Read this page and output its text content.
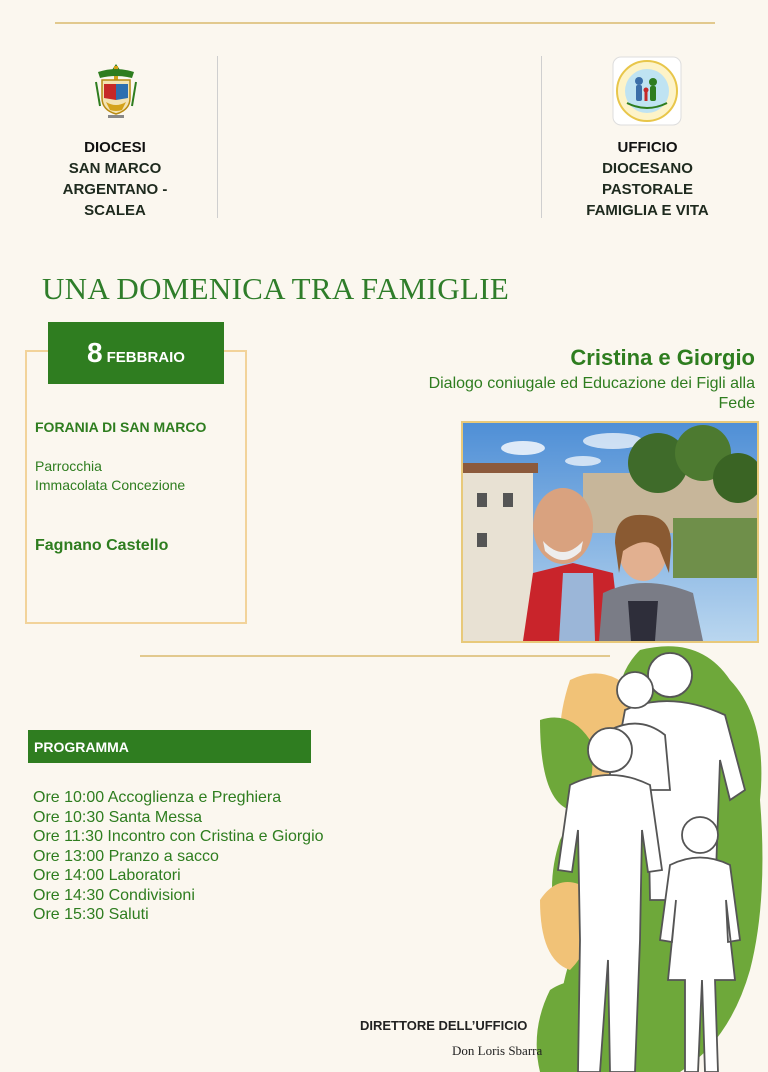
DIOCESI
SAN MARCO
ARGENTANO -
SCALEA
UFFICIO
DIOCESANO
PASTORALE
FAMIGLIA E VITA
UNA DOMENICA TRA FAMIGLIE
8 FEBBRAIO
FORANIA DI SAN MARCO
Parrocchia
Immacolata Concezione
Fagnano Castello
Cristina e Giorgio
Dialogo coniugale ed Educazione dei Figli alla
Fede
PROGRAMMA
Ore 10:00 Accoglienza e Preghiera
Ore 10:30 Santa Messa
Ore 11:30 Incontro con Cristina e Giorgio
Ore 13:00 Pranzo a sacco
Ore 14:00 Laboratori
Ore 14:30 Condivisioni
Ore 15:30 Saluti
DIRETTORE DELL’UFFICIO
Don Loris Sbarra
